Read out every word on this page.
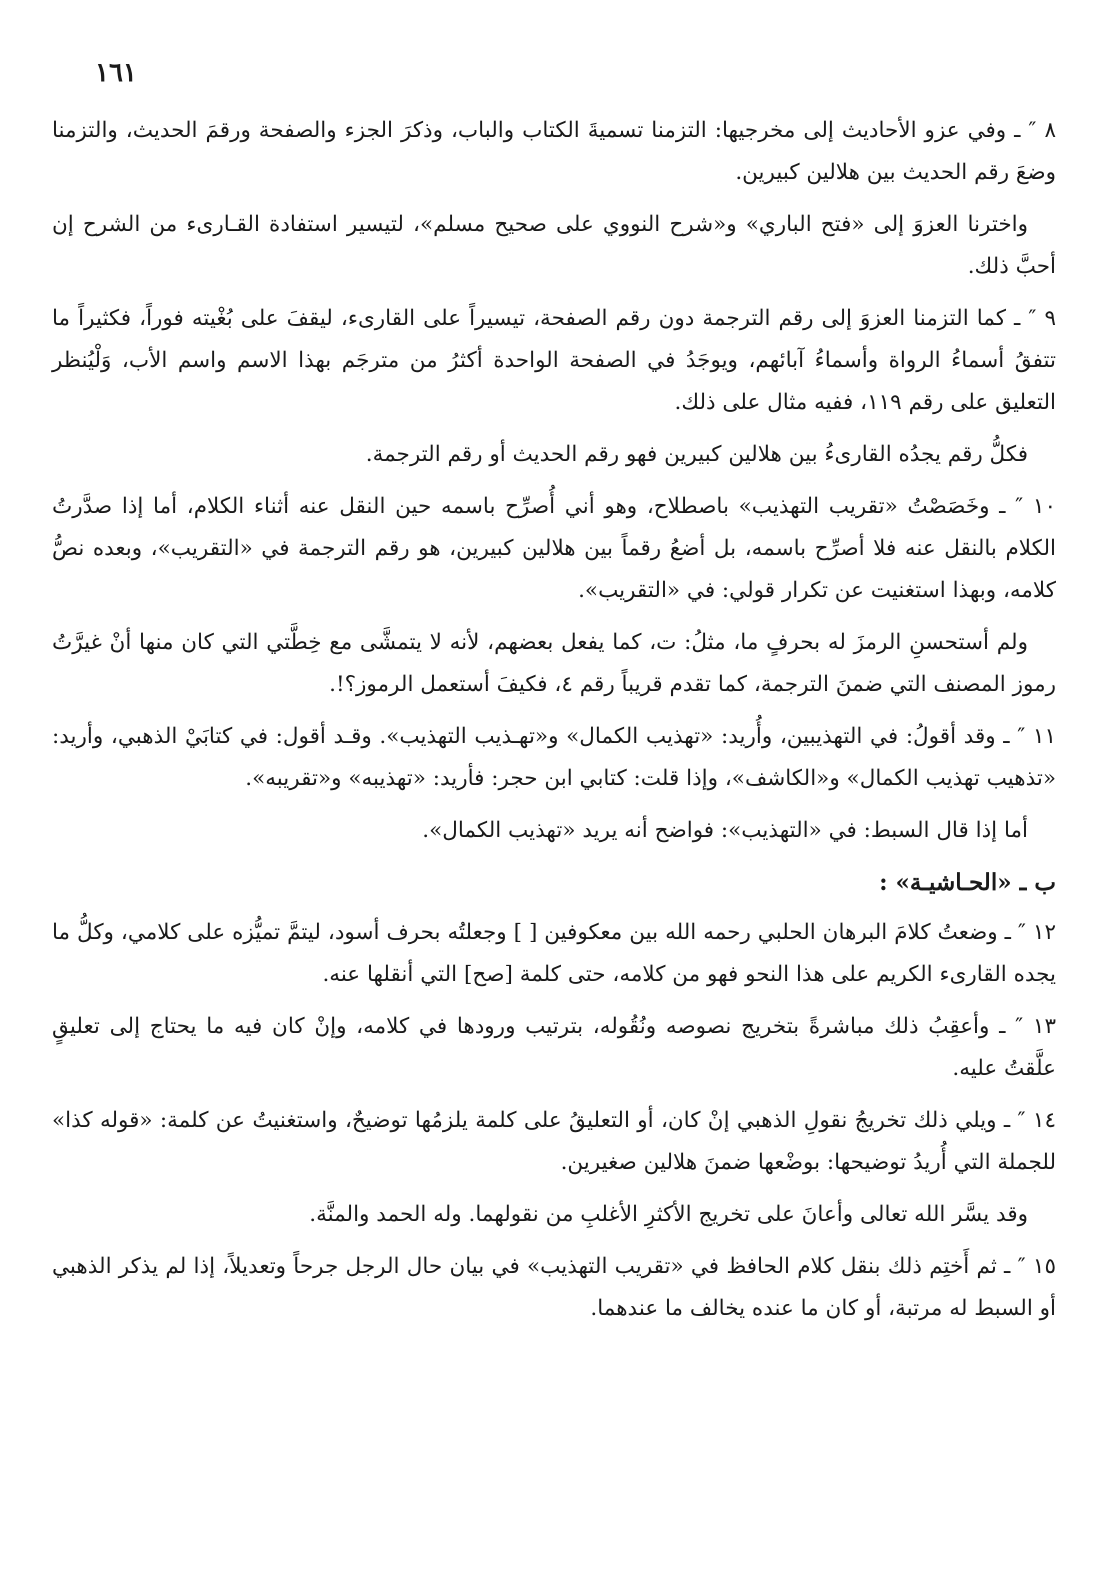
١٦١

٨ ″ ـ وفي عزو الأحاديث إلى مخرجيها: التزمنا تسميةَ الكتاب والباب، وذكرَ الجزء والصفحة ورقمَ الحديث، والتزمنا وضعَ رقم الحديث بين هلالين كبيرين.

واخترنا العزوَ إلى «فتح الباري» و«شرح النووي على صحيح مسلم»، لتيسير استفادة القـارىء من الشرح إن أحبَّ ذلك.

٩ ″ ـ كما التزمنا العزوَ إلى رقم الترجمة دون رقم الصفحة، تيسيراً على القارىء، ليقفَ على بُغْيته فوراً، فكثيراً ما تتفقُ أسماءُ الرواة وأسماءُ آبائهم، ويوجَدُ في الصفحة الواحدة أكثرُ من مترجَم بهذا الاسم واسم الأب، وَلْيُنظر التعليق على رقم ١١٩، ففيه مثال على ذلك.

فكلُّ رقم يجدُه القارىءُ بين هلالين كبيرين فهو رقم الحديث أو رقم الترجمة.

١٠ ″ ـ وخَصَصْتُ «تقريب التهذيب» باصطلاح، وهو أني أُصرِّح باسمه حين النقل عنه أثناء الكلام، أما إذا صدَّرتُ الكلام بالنقل عنه فلا أصرِّح باسمه، بل أضعُ رقماً بين هلالين كبيرين، هو رقم الترجمة في «التقريب»، وبعده نصُّ كلامه، وبهذا استغنيت عن تكرار قولي: في «التقريب».

ولم أستحسنِ الرمزَ له بحرفٍ ما، مثلُ: ت، كما يفعل بعضهم، لأنه لا يتمشَّى مع خِطَّتي التي كان منها أنْ غيرَّتُ رموز المصنف التي ضمنَ الترجمة، كما تقدم قريباً رقم ٤، فكيفَ أستعمل الرموز؟!.

١١ ″ ـ وقد أقولُ: في التهذيبين، وأُريد: «تهذيب الكمال» و«تهـذيب التهذيب». وقـد أقول: في كتابَيْ الذهبي، وأريد: «تذهيب تهذيب الكمال» و«الكاشف»، وإذا قلت: كتابي ابن حجر: فأريد: «تهذيبه» و«تقريبه».

أما إذا قال السبط: في «التهذيب»: فواضح أنه يريد «تهذيب الكمال».

ب ـ «الحـاشيـة» :

١٢ ″ ـ وضعتُ كلامَ البرهان الحلبي رحمه الله بين معكوفين [ ] وجعلتُه بحرف أسود، ليتمَّ تميُّزه على كلامي، وكلُّ ما يجده القارىء الكريم على هذا النحو فهو من كلامه، حتى كلمة [صح] التي أنقلها عنه.

١٣ ″ ـ وأعقِبُ ذلك مباشرةً بتخريج نصوصه ونُقُوله، بترتيب ورودها في كلامه، وإنْ كان فيه ما يحتاج إلى تعليقٍ علَّقتُ عليه.

١٤ ″ ـ ويلي ذلك تخريجُ نقولِ الذهبي إنْ كان، أو التعليقُ على كلمة يلزمُها توضيحٌ، واستغنيتُ عن كلمة: «قوله كذا» للجملة التي أُريدُ توضيحها: بوضْعها ضمنَ هلالين صغيرين.

وقد يسَّر الله تعالى وأعانَ على تخريج الأكثرِ الأغلبِ من نقولهما. وله الحمد والمنَّة.

١٥ ″ ـ ثم أَختِم ذلك بنقل كلام الحافظ في «تقريب التهذيب» في بيان حال الرجل جرحاً وتعديلاً، إذا لم يذكر الذهبي أو السبط له مرتبة، أو كان ما عنده يخالف ما عندهما.
